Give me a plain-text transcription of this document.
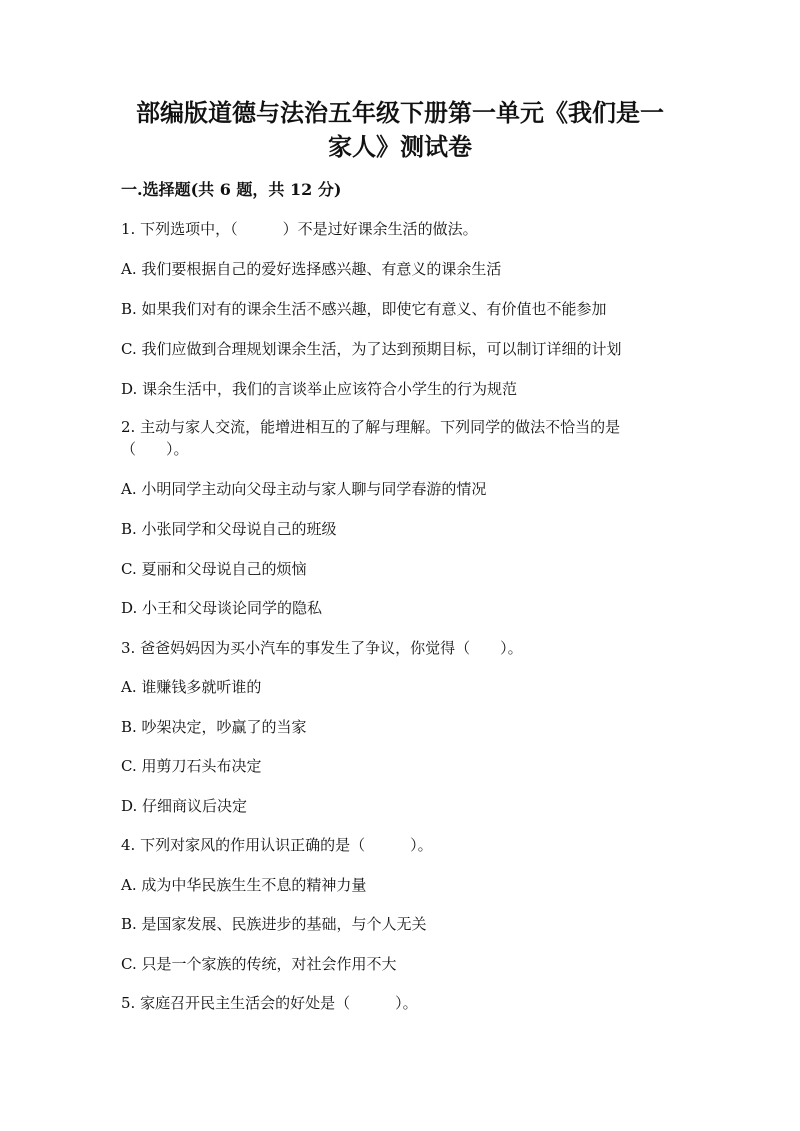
部编版道德与法治五年级下册第一单元《我们是一
家人》测试卷
一.选择题(共 6 题，共 12 分)

1. 下列选项中，（　　　）不是过好课余生活的做法。

A. 我们要根据自己的爱好选择感兴趣、有意义的课余生活

B. 如果我们对有的课余生活不感兴趣，即使它有意义、有价值也不能参加

C. 我们应做到合理规划课余生活，为了达到预期目标，可以制订详细的计划

D. 课余生活中，我们的言谈举止应该符合小学生的行为规范

2. 主动与家人交流，能增进相互的了解与理解。下列同学的做法不恰当的是

（　　）。

A. 小明同学主动向父母主动与家人聊与同学春游的情况

B. 小张同学和父母说自己的班级

C. 夏丽和父母说自己的烦恼

D. 小王和父母谈论同学的隐私

3. 爸爸妈妈因为买小汽车的事发生了争议，你觉得（　　）。

A. 谁赚钱多就听谁的

B. 吵架决定，吵赢了的当家

C. 用剪刀石头布决定

D. 仔细商议后决定

4. 下列对家风的作用认识正确的是（　　　）。

A. 成为中华民族生生不息的精神力量

B. 是国家发展、民族进步的基础，与个人无关

C. 只是一个家族的传统，对社会作用不大

5. 家庭召开民主生活会的好处是（　　　）。
